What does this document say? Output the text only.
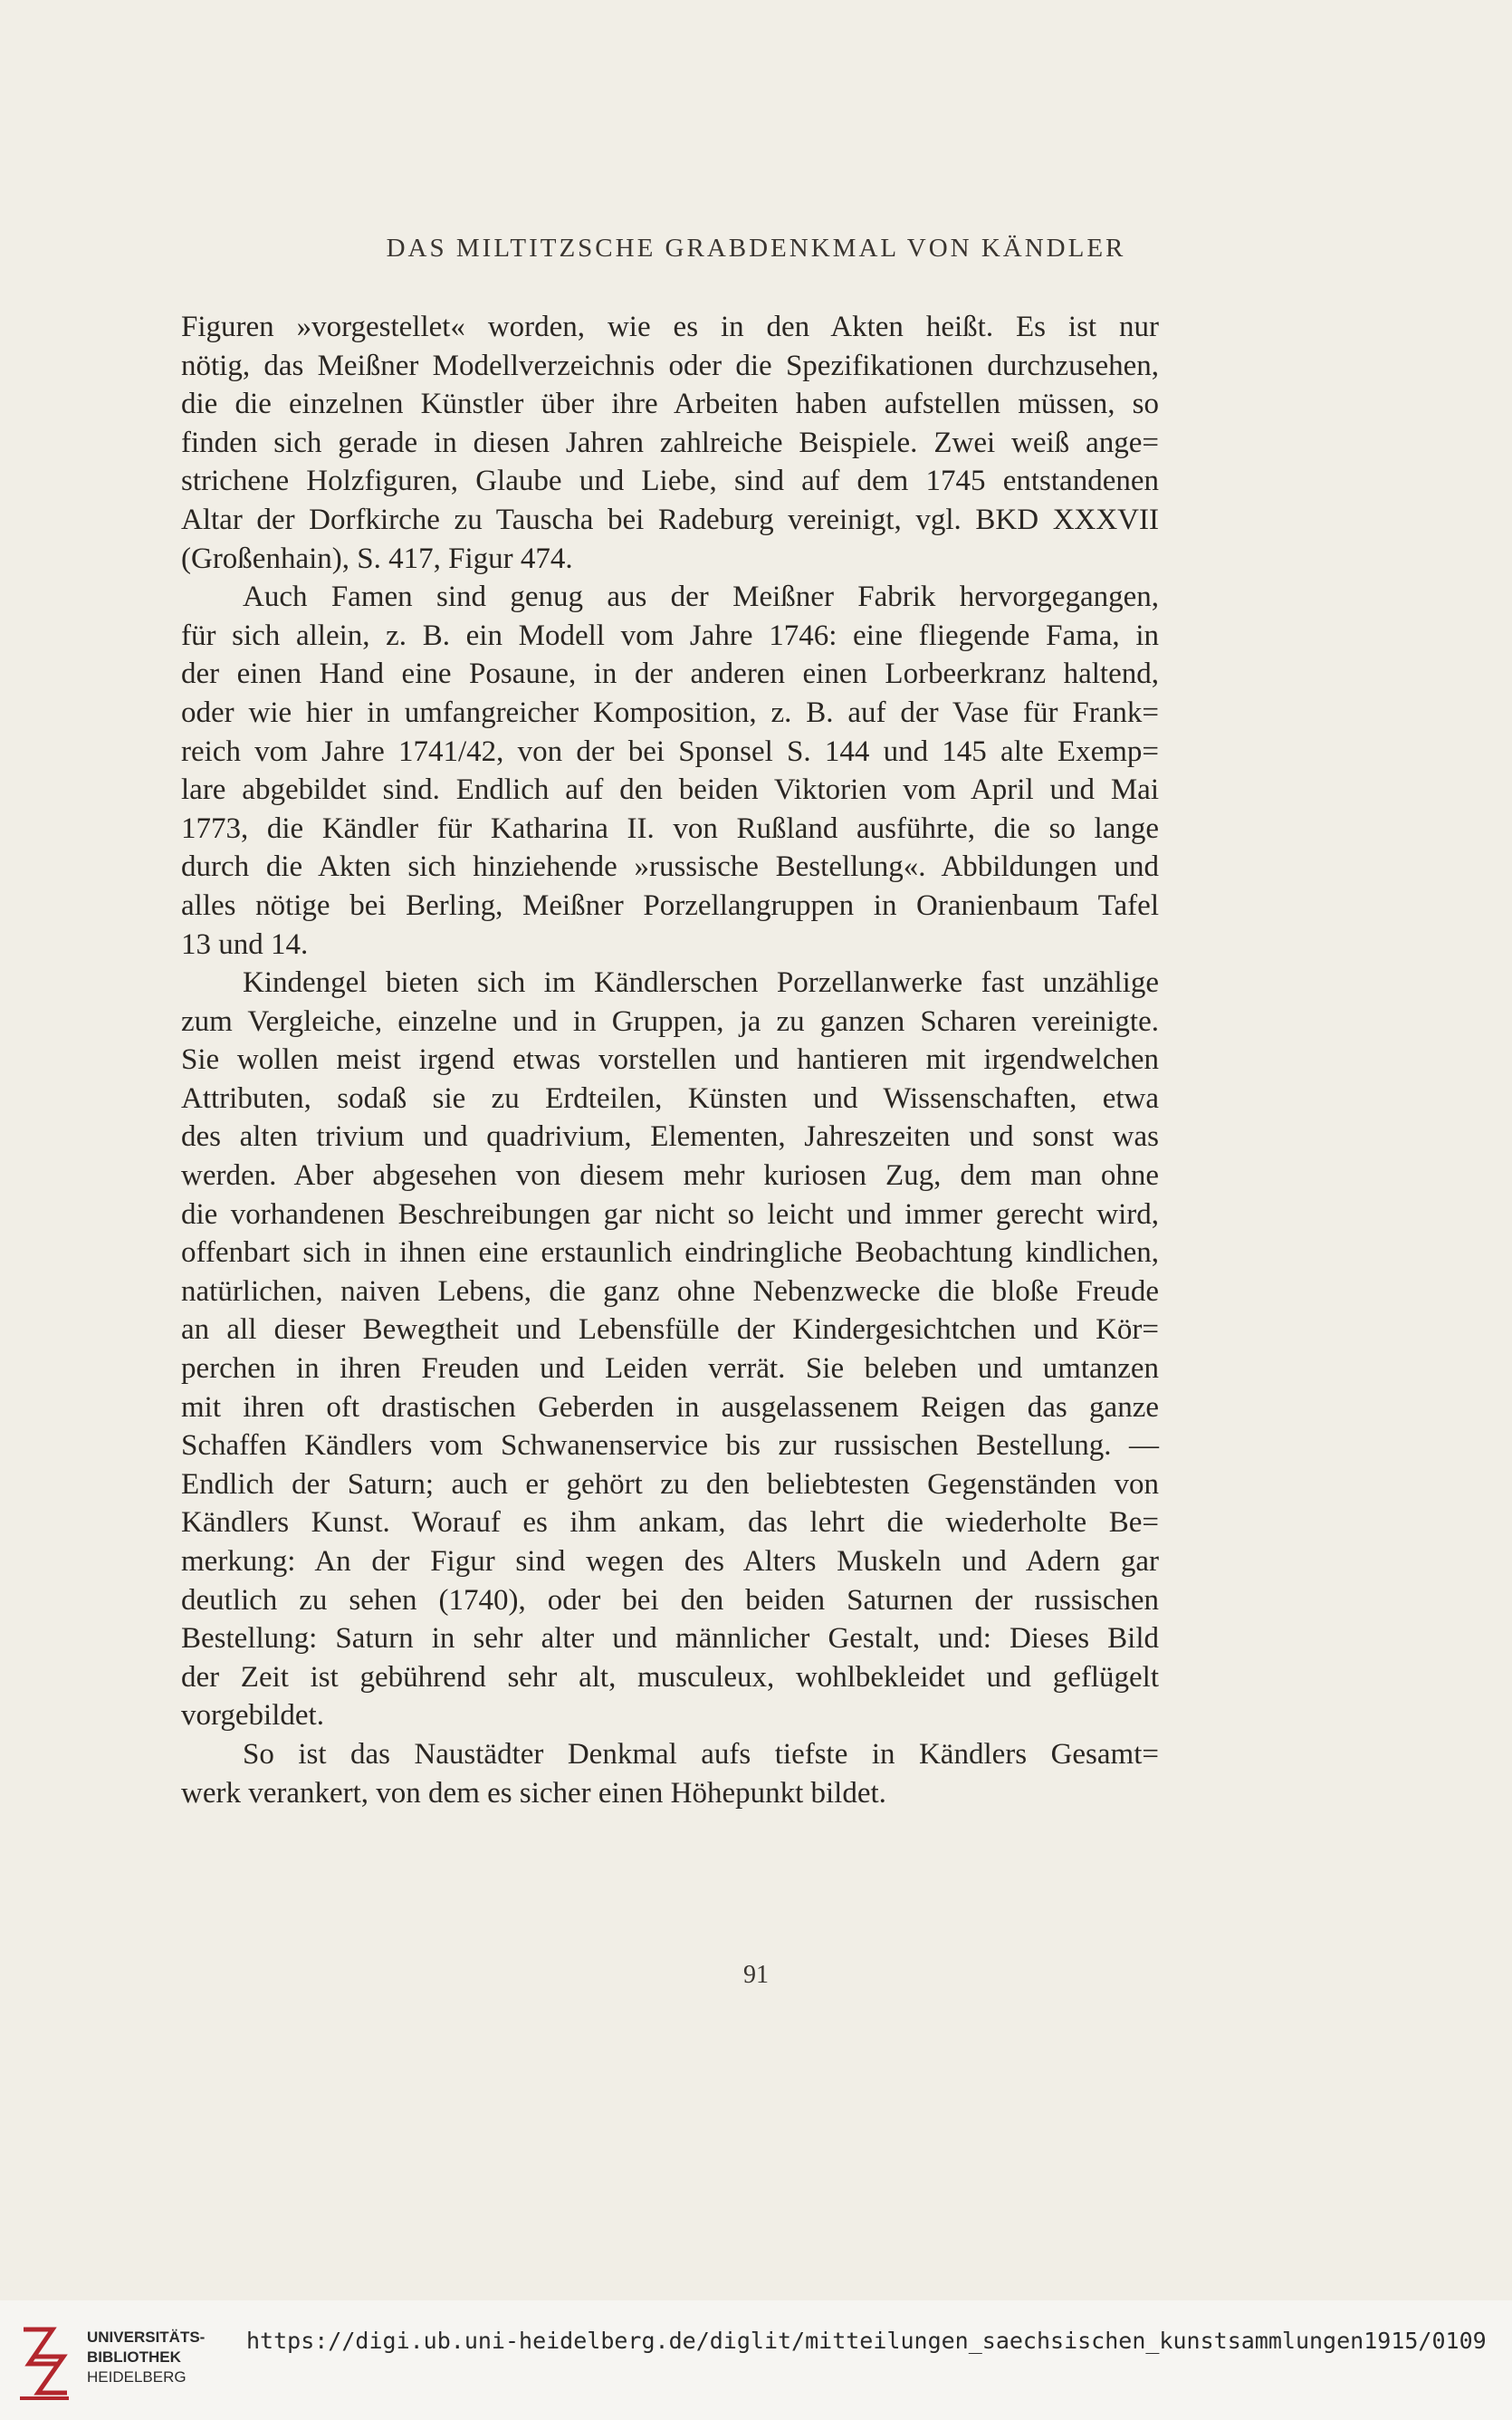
DAS MILTITZSCHE GRABDENKMAL VON KÄNDLER
Figuren »vorgestellet« worden, wie es in den Akten heißt. Es ist nur
nötig, das Meißner Modellverzeichnis oder die Spezifikationen durchzusehen,
die die einzelnen Künstler über ihre Arbeiten haben aufstellen müssen, so
finden sich gerade in diesen Jahren zahlreiche Beispiele. Zwei weiß ange=
strichene Holzfiguren, Glaube und Liebe, sind auf dem 1745 entstandenen
Altar der Dorfkirche zu Tauscha bei Radeburg vereinigt, vgl. BKD XXXVII
(Großenhain), S. 417, Figur 474.
Auch Famen sind genug aus der Meißner Fabrik hervorgegangen,
für sich allein, z. B. ein Modell vom Jahre 1746: eine fliegende Fama, in
der einen Hand eine Posaune, in der anderen einen Lorbeerkranz haltend,
oder wie hier in umfangreicher Komposition, z. B. auf der Vase für Frank=
reich vom Jahre 1741/42, von der bei Sponsel S. 144 und 145 alte Exemp=
lare abgebildet sind. Endlich auf den beiden Viktorien vom April und Mai
1773, die Kändler für Katharina II. von Rußland ausführte, die so lange
durch die Akten sich hinziehende »russische Bestellung«. Abbildungen und
alles nötige bei Berling, Meißner Porzellangruppen in Oranienbaum Tafel
13 und 14.
Kindengel bieten sich im Kändlerschen Porzellanwerke fast unzählige
zum Vergleiche, einzelne und in Gruppen, ja zu ganzen Scharen vereinigte.
Sie wollen meist irgend etwas vorstellen und hantieren mit irgendwelchen
Attributen, sodaß sie zu Erdteilen, Künsten und Wissenschaften, etwa
des alten trivium und quadrivium, Elementen, Jahreszeiten und sonst was
werden. Aber abgesehen von diesem mehr kuriosen Zug, dem man ohne
die vorhandenen Beschreibungen gar nicht so leicht und immer gerecht wird,
offenbart sich in ihnen eine erstaunlich eindringliche Beobachtung kindlichen,
natürlichen, naiven Lebens, die ganz ohne Nebenzwecke die bloße Freude
an all dieser Bewegtheit und Lebensfülle der Kindergesichtchen und Kör=
perchen in ihren Freuden und Leiden verrät. Sie beleben und umtanzen
mit ihren oft drastischen Geberden in ausgelassenem Reigen das ganze
Schaffen Kändlers vom Schwanenservice bis zur russischen Bestellung. —
Endlich der Saturn; auch er gehört zu den beliebtesten Gegenständen von
Kändlers Kunst. Worauf es ihm ankam, das lehrt die wiederholte Be=
merkung: An der Figur sind wegen des Alters Muskeln und Adern gar
deutlich zu sehen (1740), oder bei den beiden Saturnen der russischen
Bestellung: Saturn in sehr alter und männlicher Gestalt, und: Dieses Bild
der Zeit ist gebührend sehr alt, musculeux, wohlbekleidet und geflügelt
vorgebildet.
So ist das Naustädter Denkmal aufs tiefste in Kändlers Gesamt=
werk verankert, von dem es sicher einen Höhepunkt bildet.
91
UNIVERSITÄTS-
BIBLIOTHEK
HEIDELBERG
https://digi.ub.uni-heidelberg.de/diglit/mitteilungen_saechsischen_kunstsammlungen1915/0109
